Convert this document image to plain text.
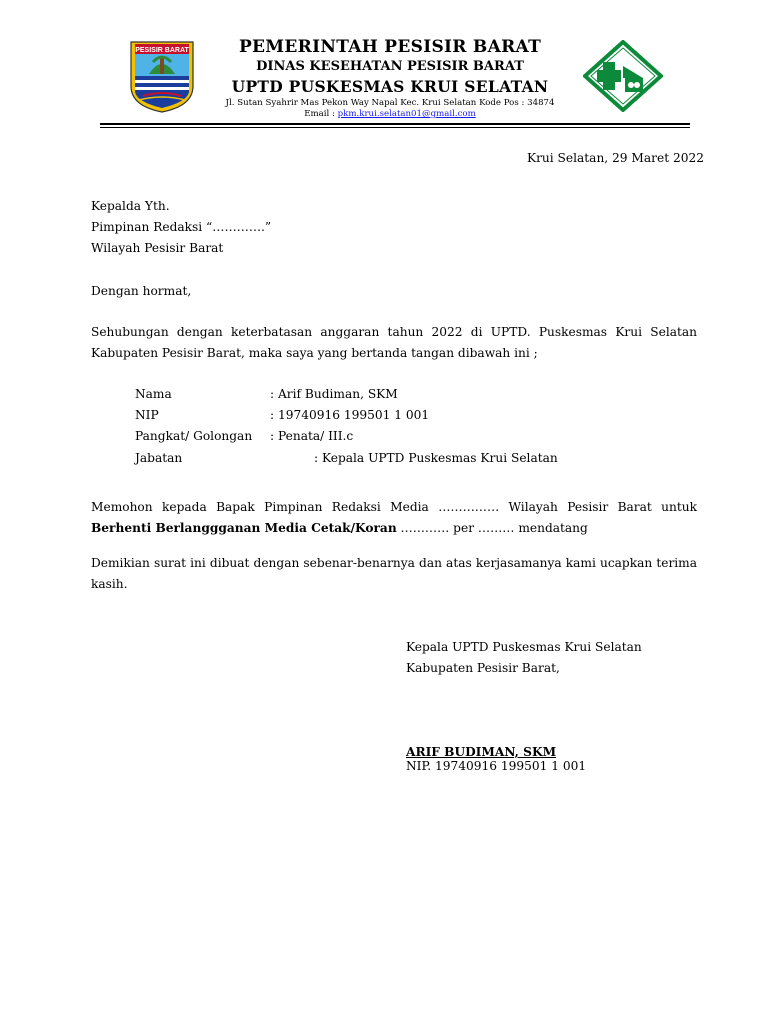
PESISIR BARAT	PEMERINTAH PESISIR BARAT
DINAS KESEHATAN PESISIR BARAT
UPTD PUSKESMAS KRUI SELATAN
Jl. Sutan Syahrir Mas Pekon Way Napal Kec. Krui Selatan Kode Pos : 34874
Email : pkm.krui.selatan01@gmail.com
Krui Selatan, 29 Maret 2022
Kepalda Yth.
Pimpinan Redaksi “………….”
Wilayah Pesisir Barat
Dengan hormat,
Sehubungan dengan keterbatasan anggaran tahun 2022 di UPTD. Puskesmas Krui Selatan Kabupaten Pesisir Barat, maka saya yang bertanda tangan dibawah ini ;
Nama	: Arif Budiman, SKM
NIP	: 19740916 199501 1 001
Pangkat/ Golongan : Penata/ III.c
Jabatan	: Kepala UPTD Puskesmas Krui Selatan
Memohon kepada Bapak Pimpinan Redaksi Media …………… Wilayah Pesisir Barat untuk Berhenti Berlanggganan Media Cetak/Koran ………… per ……… mendatang
Demikian surat ini dibuat dengan sebenar-benarnya dan atas kerjasamanya kami ucapkan terima kasih.
Kepala UPTD Puskesmas Krui Selatan
Kabupaten Pesisir Barat,
ARIF BUDIMAN, SKM
NIP. 19740916 199501 1 001
